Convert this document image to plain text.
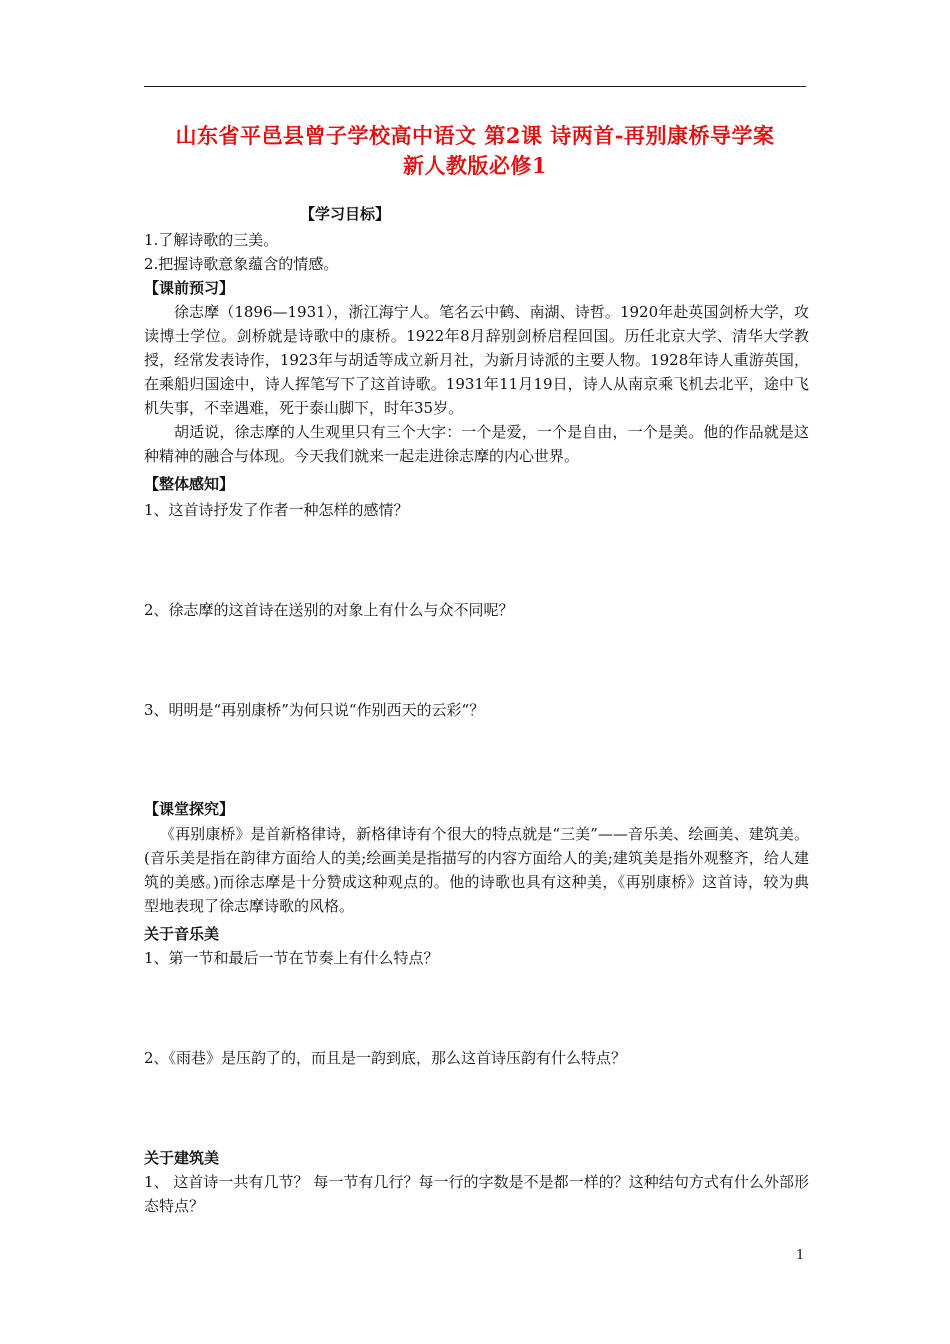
山东省平邑县曾子学校高中语文 第2课 诗两首-再别康桥导学案
新人教版必修1
【学习目标】
1.了解诗歌的三美。
2.把握诗歌意象蕴含的情感。
【课前预习】

徐志摩（1896—1931），浙江海宁人。笔名云中鹤、南湖、诗哲。1920年赴英国剑桥大学，攻读博士学位。剑桥就是诗歌中的康桥。1922年8月辞别剑桥启程回国。历任北京大学、清华大学教授，经常发表诗作，1923年与胡适等成立新月社，为新月诗派的主要人物。1928年诗人重游英国，在乘船归国途中，诗人挥笔写下了这首诗歌。1931年11月19日，诗人从南京乘飞机去北平，途中飞机失事，不幸遇难，死于泰山脚下，时年35岁。

胡适说，徐志摩的人生观里只有三个大字：一个是爱，一个是自由，一个是美。他的作品就是这种精神的融合与体现。今天我们就来一起走进徐志摩的内心世界。

【整体感知】
1、这首诗抒发了作者一种怎样的感情？
2、徐志摩的这首诗在送别的对象上有什么与众不同呢？
3、明明是“再别康桥”为何只说“作别西天的云彩“？
【课堂探究】

《再别康桥》是首新格律诗，新格律诗有个很大的特点就是“三美”——音乐美、绘画美、建筑美。(音乐美是指在韵律方面给人的美;绘画美是指描写的内容方面给人的美;建筑美是指外观整齐，给人建筑的美感。)而徐志摩是十分赞成这种观点的。他的诗歌也具有这种美，《再别康桥》这首诗，较为典型地表现了徐志摩诗歌的风格。

关于音乐美
1、第一节和最后一节在节奏上有什么特点？
2、《雨巷》是压韵了的，而且是一韵到底，那么这首诗压韵有什么特点？
关于建筑美

1、 这首诗一共有几节？ 每一节有几行？每一行的字数是不是都一样的？这种结句方式有什么外部形态特点？

1
